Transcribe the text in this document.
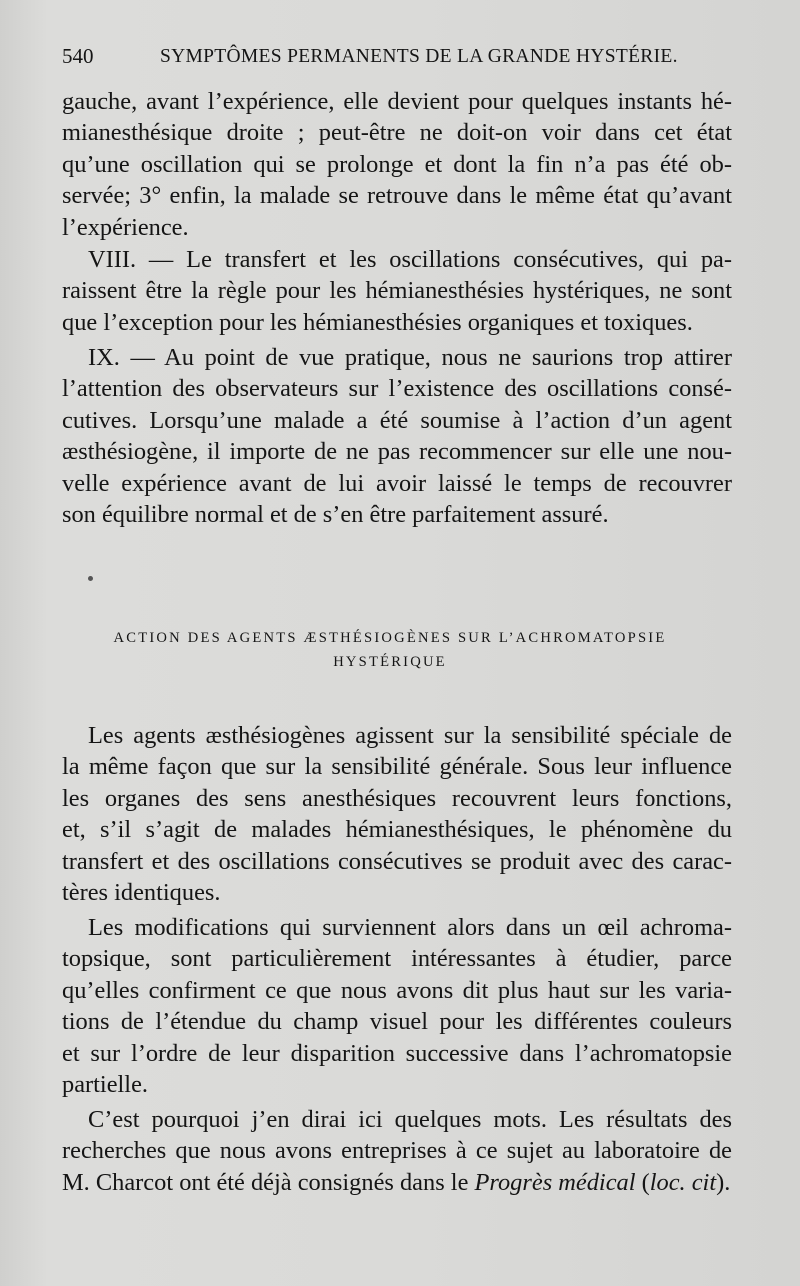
540	SYMPTÔMES PERMANENTS DE LA GRANDE HYSTÉRIE.
gauche, avant l’expérience, elle devient pour quelques instants hé-
mianesthésique droite ; peut-être ne doit-on voir dans cet état
qu’une oscillation qui se prolonge et dont la fin n’a pas été ob-
servée; 3° enfin, la malade se retrouve dans le même état qu’avant
l’expérience.
VIII. — Le transfert et les oscillations consécutives, qui pa-
raissent être la règle pour les hémianesthésies hystériques, ne sont
que l’exception pour les hémianesthésies organiques et toxiques.
IX. — Au point de vue pratique, nous ne saurions trop attirer
l’attention des observateurs sur l’existence des oscillations consé-
cutives. Lorsqu’une malade a été soumise à l’action d’un agent
æsthésiogène, il importe de ne pas recommencer sur elle une nou-
velle expérience avant de lui avoir laissé le temps de recouvrer
son équilibre normal et de s’en être parfaitement assuré.
ACTION DES AGENTS ÆSTHÉSIOGÈNES SUR L’ACHROMATOPSIE
HYSTÉRIQUE
Les agents æsthésiogènes agissent sur la sensibilité spéciale de
la même façon que sur la sensibilité générale. Sous leur influence
les organes des sens anesthésiques recouvrent leurs fonctions,
et, s’il s’agit de malades hémianesthésiques, le phénomène du
transfert et des oscillations consécutives se produit avec des carac-
tères identiques.
Les modifications qui surviennent alors dans un œil achroma-
topsique, sont particulièrement intéressantes à étudier, parce
qu’elles confirment ce que nous avons dit plus haut sur les varia-
tions de l’étendue du champ visuel pour les différentes couleurs
et sur l’ordre de leur disparition successive dans l’achromatopsie
partielle.
C’est pourquoi j’en dirai ici quelques mots. Les résultats des
recherches que nous avons entreprises à ce sujet au laboratoire de
M. Charcot ont été déjà consignés dans le Progrès médical (loc. cit).
